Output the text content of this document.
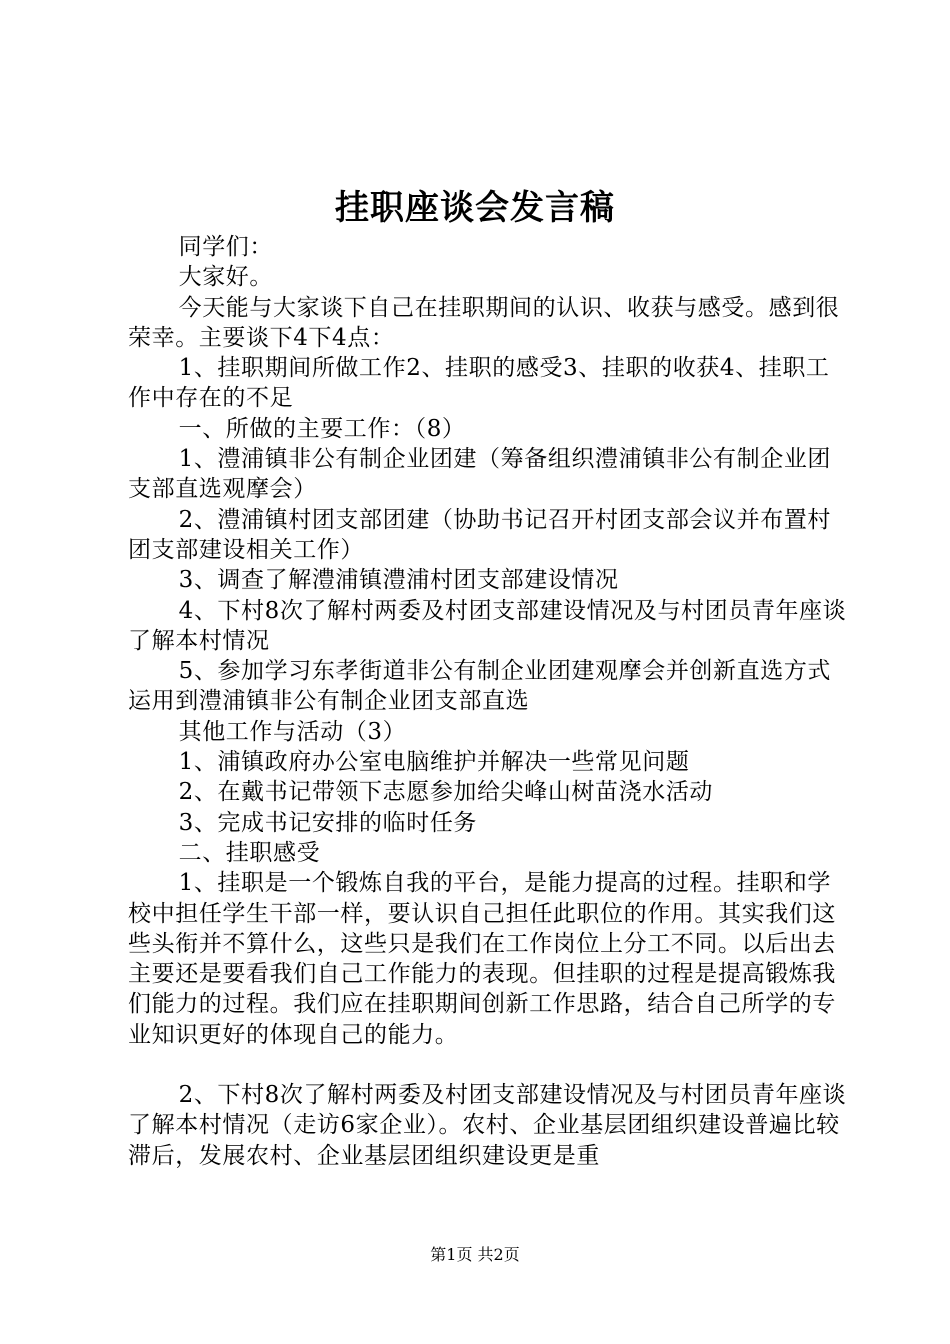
挂职座谈会发言稿

同学们：

大家好。

今天能与大家谈下自己在挂职期间的认识、收获与感受。感到很荣幸。主要谈下4下4点：

1、挂职期间所做工作2、挂职的感受3、挂职的收获4、挂职工作中存在的不足

一、所做的主要工作：（8）

1、澧浦镇非公有制企业团建（筹备组织澧浦镇非公有制企业团支部直选观摩会）

2、澧浦镇村团支部团建（协助书记召开村团支部会议并布置村团支部建设相关工作）

3、调查了解澧浦镇澧浦村团支部建设情况

4、下村8次了解村两委及村团支部建设情况及与村团员青年座谈了解本村情况

5、参加学习东孝街道非公有制企业团建观摩会并创新直选方式运用到澧浦镇非公有制企业团支部直选

其他工作与活动（3）

1、浦镇政府办公室电脑维护并解决一些常见问题

2、在戴书记带领下志愿参加给尖峰山树苗浇水活动

3、完成书记安排的临时任务

二、挂职感受

1、挂职是一个锻炼自我的平台，是能力提高的过程。挂职和学校中担任学生干部一样，要认识自己担任此职位的作用。其实我们这些头衔并不算什么，这些只是我们在工作岗位上分工不同。以后出去主要还是要看我们自己工作能力的表现。但挂职的过程是提高锻炼我们能力的过程。我们应在挂职期间创新工作思路，结合自己所学的专业知识更好的体现自己的能力。

2、下村8次了解村两委及村团支部建设情况及与村团员青年座谈了解本村情况（走访6家企业）。农村、企业基层团组织建设普遍比较滞后，发展农村、企业基层团组织建设更是重

第1页 共2页
